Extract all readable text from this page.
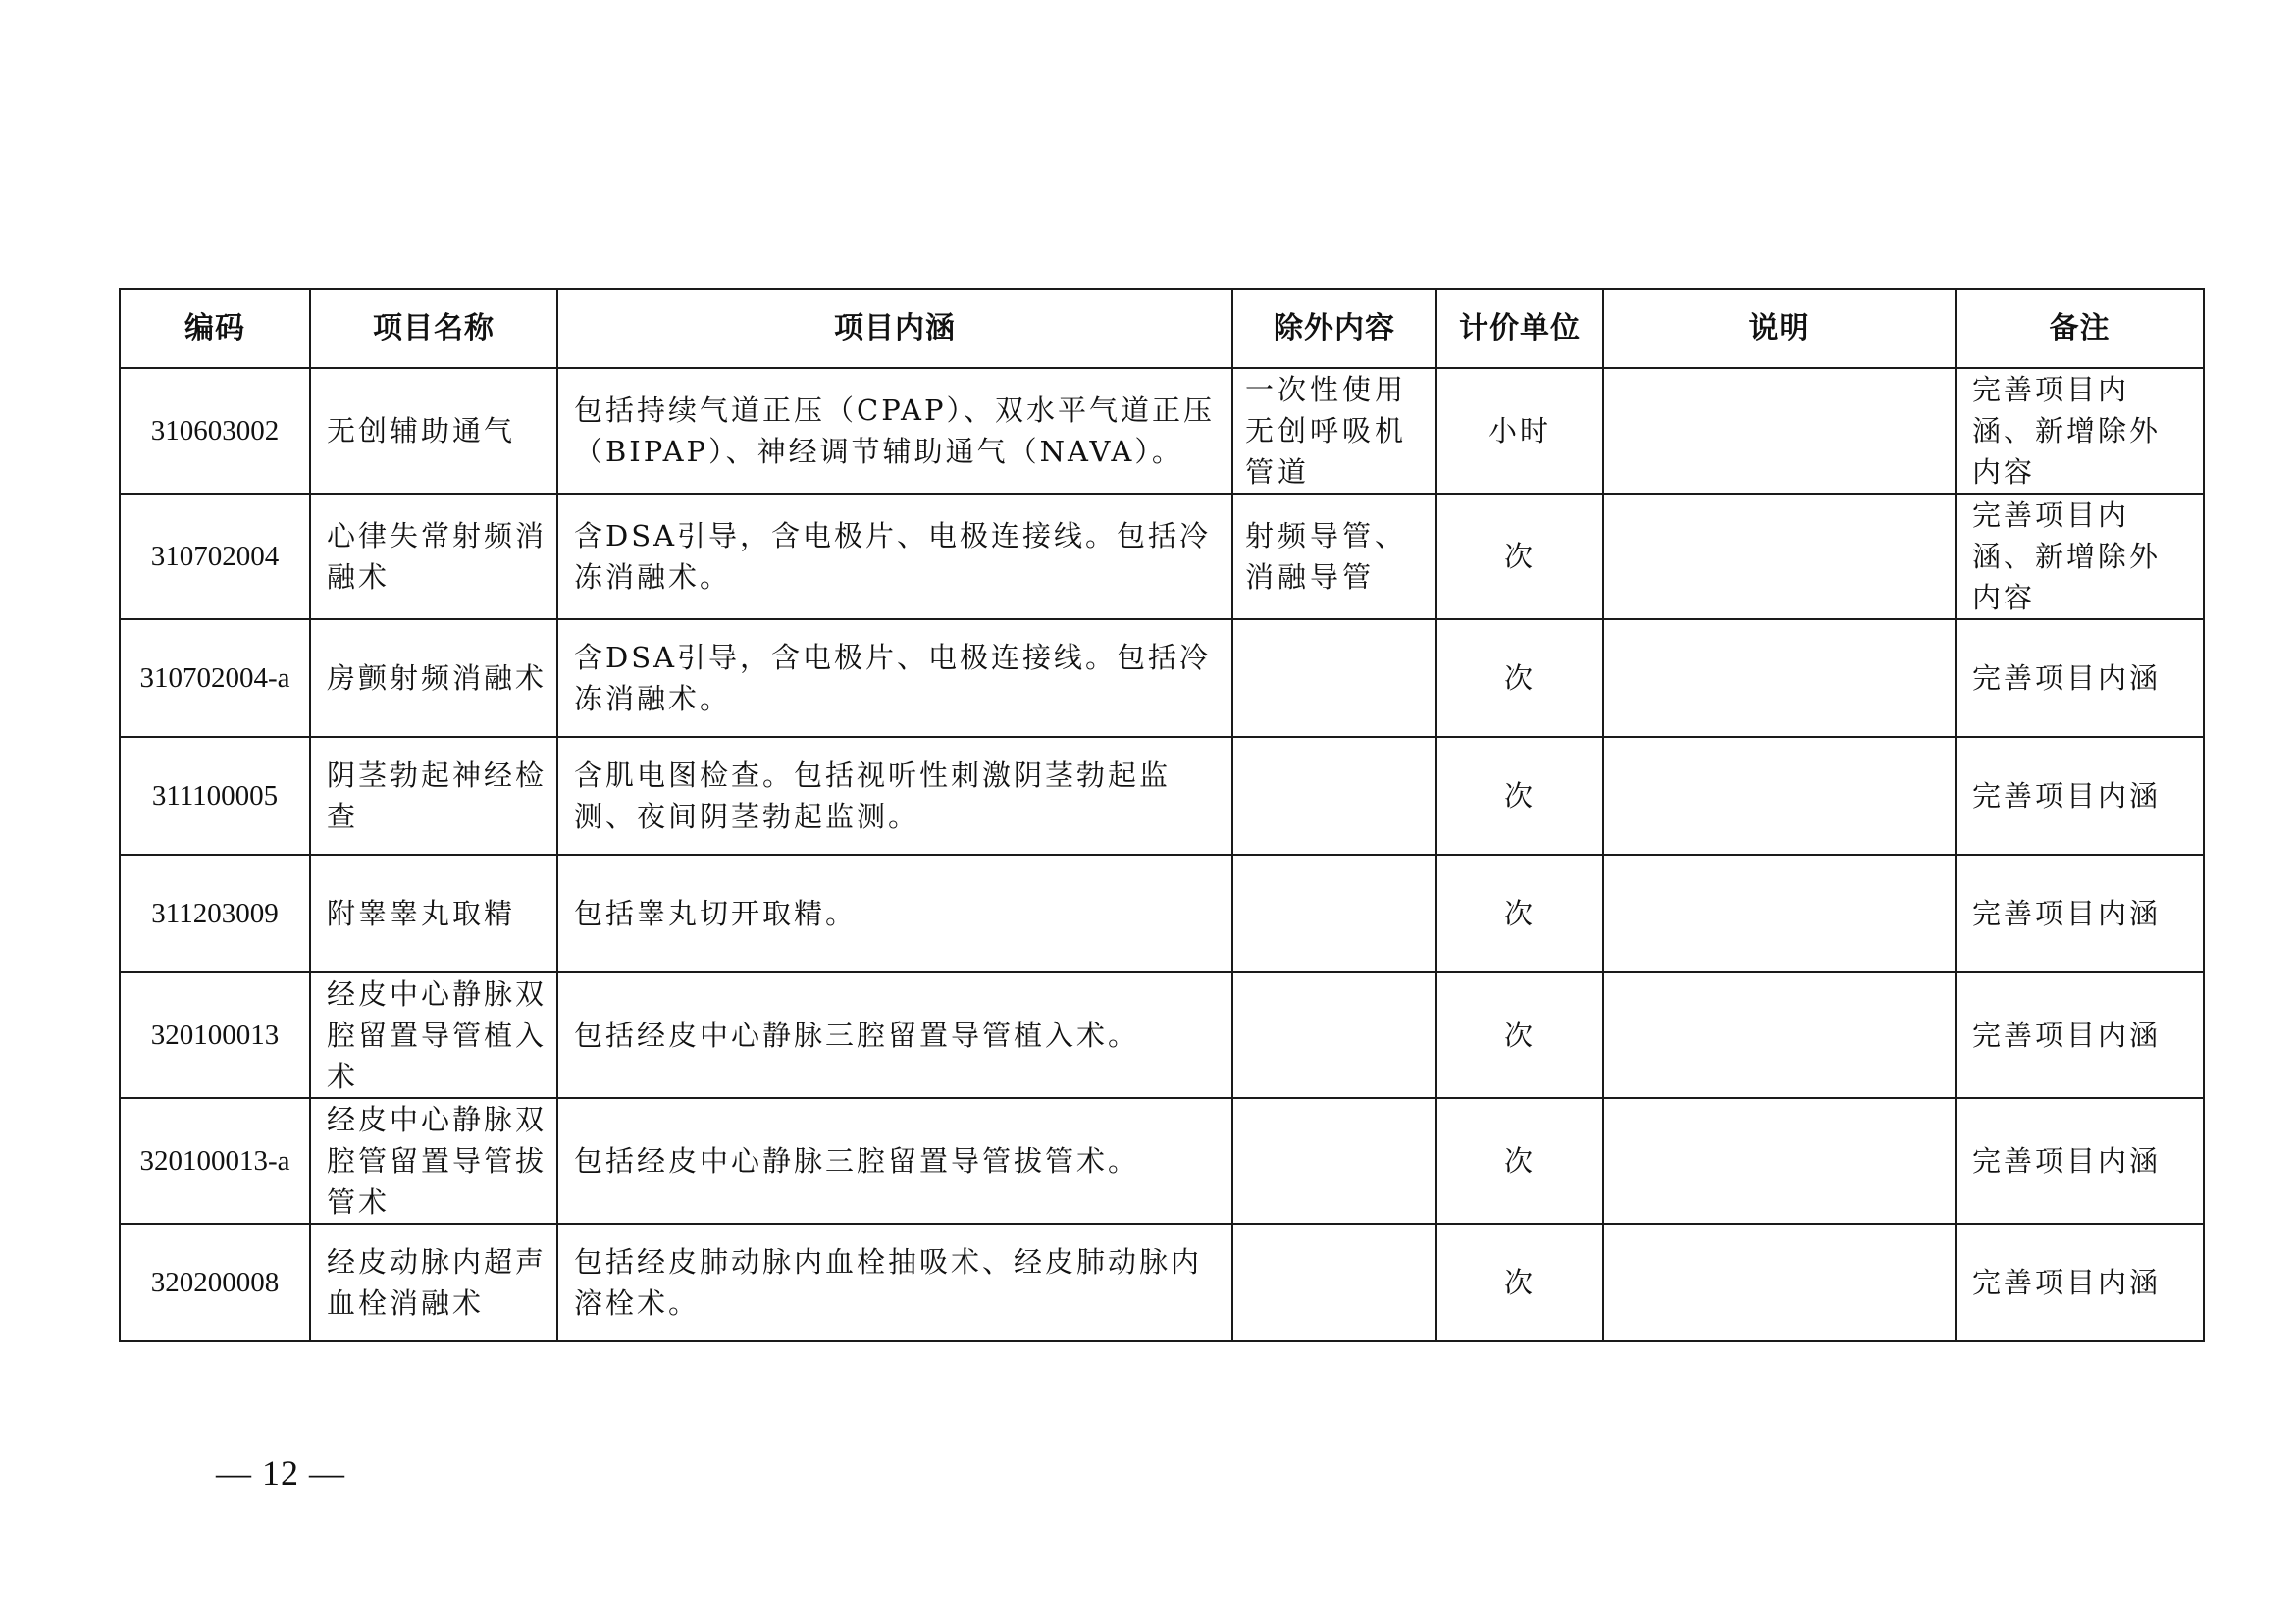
编码	项目名称	项目内涵	除外内容	计价单位	说明	备注
310603002	无创辅助通气	包括持续气道正压（CPAP）、双水平气道正压（BIPAP）、神经调节辅助通气（NAVA）。	一次性使用无创呼吸机管道	小时		完善项目内涵、新增除外内容
310702004	心律失常射频消融术	含DSA引导，含电极片、电极连接线。包括冷冻消融术。	射频导管、消融导管	次		完善项目内涵、新增除外内容
310702004-a	房颤射频消融术	含DSA引导，含电极片、电极连接线。包括冷冻消融术。		次		完善项目内涵
311100005	阴茎勃起神经检查	含肌电图检查。包括视听性刺激阴茎勃起监测、夜间阴茎勃起监测。		次		完善项目内涵
311203009	附睾睾丸取精	包括睾丸切开取精。		次		完善项目内涵
320100013	经皮中心静脉双腔留置导管植入术	包括经皮中心静脉三腔留置导管植入术。		次		完善项目内涵
320100013-a	经皮中心静脉双腔管留置导管拔管术	包括经皮中心静脉三腔留置导管拔管术。		次		完善项目内涵
320200008	经皮动脉内超声血栓消融术	包括经皮肺动脉内血栓抽吸术、经皮肺动脉内溶栓术。		次		完善项目内涵
— 12 —
